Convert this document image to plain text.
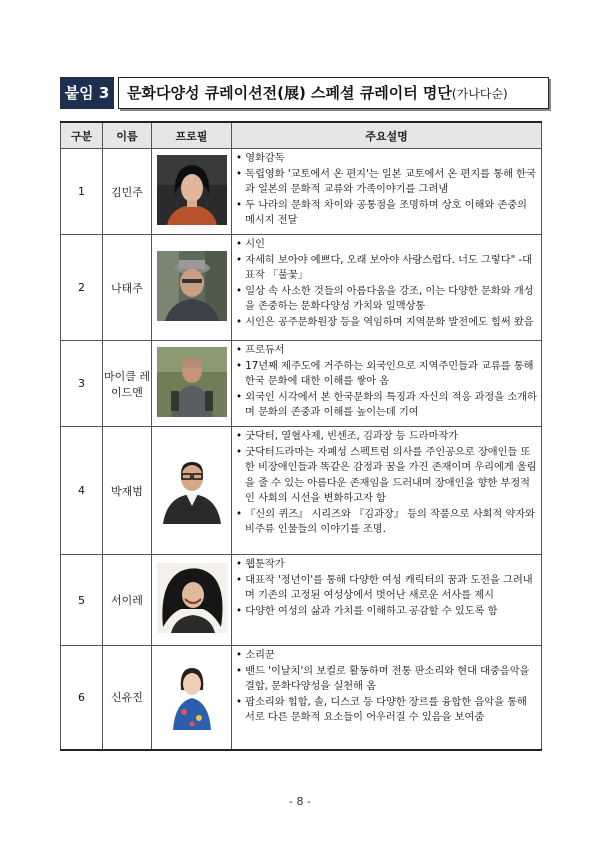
붙임 3	문화다양성 큐레이션전(展) 스페셜 큐레이터 명단(가나다순)
구분	이름	프로필	주요설명
1	김민주		• 영화감독
• 독립영화 '교토에서 온 편지'는 일본 교토에서 온 편지를 통해 한국과 일본의 문화적 교류와 가족이야기를 그려냄
• 두 나라의 문화적 차이와 공통점을 조명하며 상호 이해와 존중의 메시지 전달

2	나태주		• 시인
• 자세히 보아야 예쁘다, 오래 보아야 사랑스럽다. 너도 그렇다" -대표작 「풀꽃」
• 일상 속 사소한 것들의 아름다움을 강조, 이는 다양한 문화와 개성을 존중하는 문화다양성 가치와 일맥상통
• 시인은 공주문화원장 등을 역임하며 지역문화 발전에도 힘써 왔음

3	마이클 레이드멘		• 프로듀서
• 17년째 제주도에 거주하는 외국인으로 지역주민들과 교류를 통해 한국 문화에 대한 이해를 쌓아 옴
• 외국인 시각에서 본 한국문화의 특징과 자신의 적응 과정을 소개하며 문화의 존중과 이해를 높이는데 기여

4	박재범		• 굿닥터, 열혈사제, 빈센조, 김과장 등 드라마작가
• 굿닥터드라마는 자폐성 스펙트럼 의사를 주인공으로 장애인들 또한 비장애인들과 똑같은 감정과 꿈을 가진 존재이며 우리에게 울림을 줄 수 있는 아름다운 존재임을 드러내며 장애인을 향한 부정적인 사회의 시선을 변화하고자 함
• 『신의 퀴즈』 시리즈와 『김과장』 등의 작품으로 사회적 약자와 비주류 인물들의 이야기를 조명.

5	서이레		• 웹툰작가
• 대표작 '정년이'를 통해 다양한 여성 캐릭터의 꿈과 도전을 그려내며 기존의 고정된 여성상에서 벗어난 새로운 서사를 제시
• 다양한 여성의 삶과 가치를 이해하고 공감할 수 있도록 함

6	신유진		• 소리꾼
• 밴드 '이날치'의 보컬로 활동하며 전통 판소리와 현대 대중음악을 결합, 문화다양성을 실천해 옴
• 팝소리와 힙합, 솔, 디스코 등 다양한 장르를 융합한 음악을 통해 서로 다른 문화적 요소들이 어우러질 수 있음을 보여줌
- 8 -
